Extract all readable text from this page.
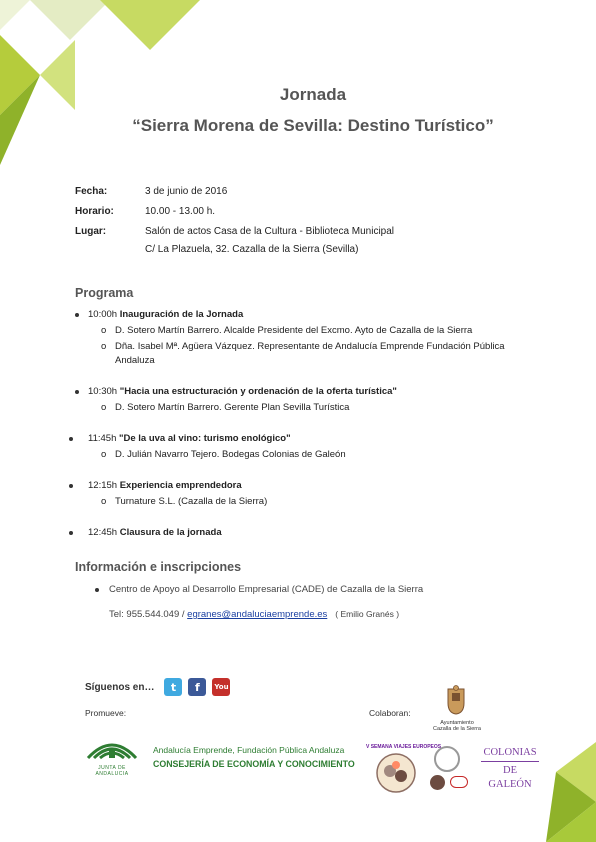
Jornada
“Sierra Morena de Sevilla: Destino Turístico”
Fecha:	3 de junio de 2016
Horario:	10.00 - 13.00 h.
Lugar:	Salón de actos Casa de la Cultura - Biblioteca Municipal
C/ La Plazuela, 32. Cazalla de la Sierra (Sevilla)
Programa
10:00h Inauguración de la Jornada
o D. Sotero Martín Barrero. Alcalde Presidente del Excmo. Ayto de Cazalla de la Sierra
o Dña. Isabel Mª. Agüera Vázquez. Representante de Andalucía Emprende Fundación Pública Andaluza
10:30h "Hacia una estructuración y ordenación de la oferta turística"
o D. Sotero Martín Barrero. Gerente Plan Sevilla Turística
11:45h "De la uva al vino: turismo enológico"
o D. Julián Navarro Tejero. Bodegas Colonias de Galeón
12:15h Experiencia emprendedora
o Turnature S.L. (Cazalla de la Sierra)
12:45h Clausura de la jornada
Información e inscripciones
Centro de Apoyo al Desarrollo Empresarial (CADE) de Cazalla de la Sierra
Tel: 955.544.049 / egranes@andaluciaemprende.es ( Emilio Granés )
Síguenos en…	t	f	You
Promueve:	Colaboran:
JUNTA DE ANDALUCIA
Andalucía Emprende, Fundación Pública Andaluza
CONSEJERÍA DE ECONOMÍA Y CONOCIMIENTO
Ayuntamiento Cazalla de la Sierra
V SEMANA VIAJES EUROPEOS	COLONIAS
DE GALEÓN
